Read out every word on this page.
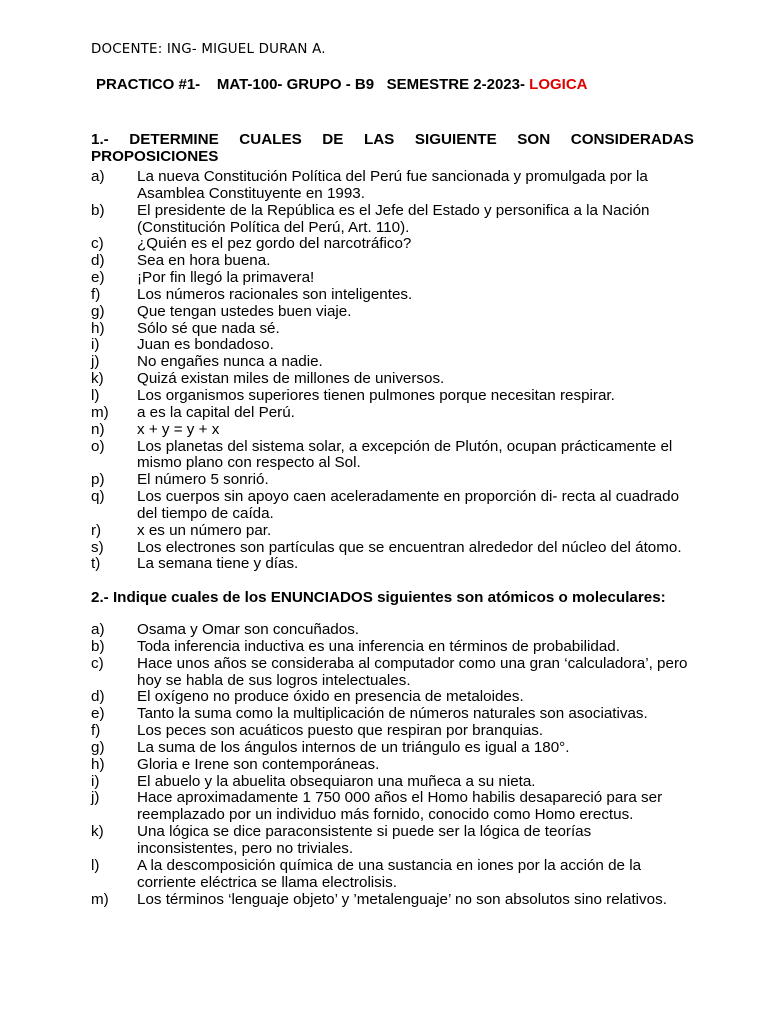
DOCENTE: ING- MIGUEL DURAN A.
PRACTICO #1-    MAT-100- GRUPO - B9   SEMESTRE 2-2023- LOGICA
1.- DETERMINE CUALES DE LAS SIGUIENTE SON CONSIDERADAS
PROPOSICIONES
a) La nueva Constitución Política del Perú fue sancionada y promulgada por la Asamblea Constituyente en 1993.
b) El presidente de la República es el Jefe del Estado y personifica a la Nación (Constitución Política del Perú, Art. 110).
c) ¿Quién es el pez gordo del narcotráfico?
d) Sea en hora buena.
e) ¡Por fin llegó la primavera!
f) Los números racionales son inteligentes.
g) Que tengan ustedes buen viaje.
h) Sólo sé que nada sé.
i) Juan es bondadoso.
j) No engañes nunca a nadie.
k) Quizá existan miles de millones de universos.
l) Los organismos superiores tienen pulmones porque necesitan respirar.
m) a es la capital del Perú.
n) x + y = y + x
o) Los planetas del sistema solar, a excepción de Plutón, ocupan prácticamente el mismo plano con respecto al Sol.
p) El número 5 sonrió.
q) Los cuerpos sin apoyo caen aceleradamente en proporción di- recta al cuadrado del tiempo de caída.
r) x es un número par.
s) Los electrones son partículas que se encuentran alrededor del núcleo del átomo.
t) La semana tiene y días.
2.- Indique cuales de los ENUNCIADOS siguientes son atómicos o moleculares:
a) Osama y Omar son concuñados.
b) Toda inferencia inductiva es una inferencia en términos de probabilidad.
c) Hace unos años se consideraba al computador como una gran ‘calculadora’, pero hoy se habla de sus logros intelectuales.
d) El oxígeno no produce óxido en presencia de metaloides.
e) Tanto la suma como la multiplicación de números naturales son asociativas.
f) Los peces son acuáticos puesto que respiran por branquias.
g) La suma de los ángulos internos de un triángulo es igual a 180°.
h) Gloria e Irene son contemporáneas.
i) El abuelo y la abuelita obsequiaron una muñeca a su nieta.
j) Hace aproximadamente 1 750 000 años el Homo habilis desapareció para ser reemplazado por un individuo más fornido, conocido como Homo erectus.
k) Una lógica se dice paraconsistente si puede ser la lógica de teorías inconsistentes, pero no triviales.
l) A la descomposición química de una sustancia en iones por la acción de la corriente eléctrica se llama electrolisis.
m) Los términos ‘lenguaje objeto’ y ’metalenguaje’ no son absolutos sino relativos.
